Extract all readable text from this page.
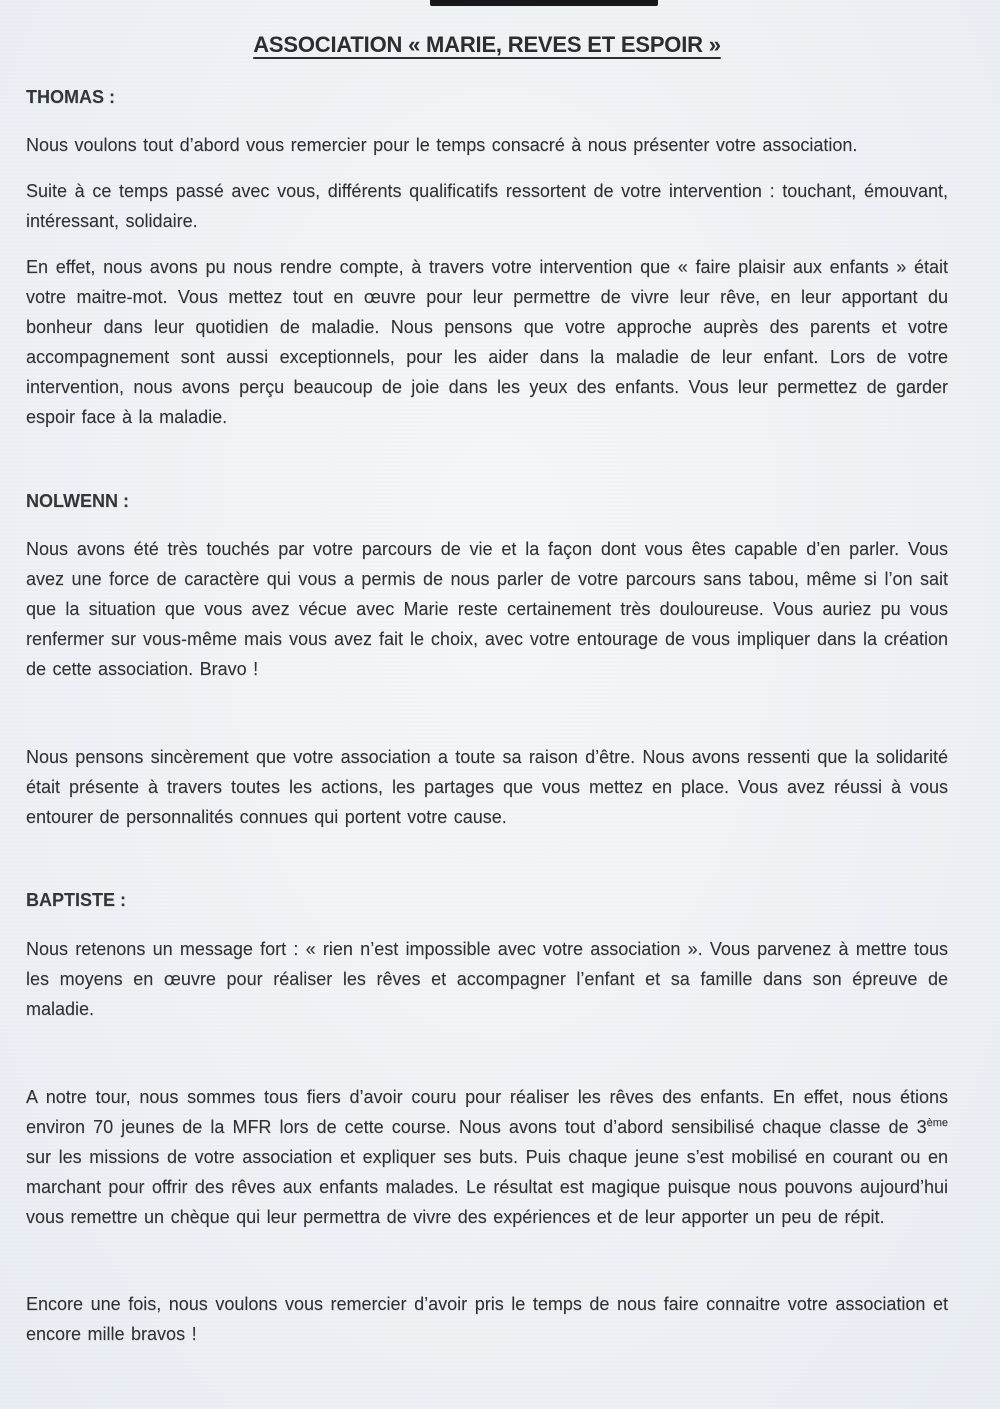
ASSOCIATION « MARIE, REVES ET ESPOIR »
THOMAS :

Nous voulons tout d’abord vous remercier pour le temps consacré à nous présenter votre association.

Suite à ce temps passé avec vous, différents qualificatifs ressortent de votre intervention : touchant, émouvant, intéressant, solidaire.

En effet, nous avons pu nous rendre compte, à travers votre intervention que « faire plaisir aux enfants » était votre maitre-mot. Vous mettez tout en œuvre pour leur permettre de vivre leur rêve, en leur apportant du bonheur dans leur quotidien de maladie. Nous pensons que votre approche auprès des parents et votre accompagnement sont aussi exceptionnels, pour les aider dans la maladie de leur enfant. Lors de votre intervention, nous avons perçu beaucoup de joie dans les yeux des enfants. Vous leur permettez de garder espoir face à la maladie.

NOLWENN :

Nous avons été très touchés par votre parcours de vie et la façon dont vous êtes capable d’en parler. Vous avez une force de caractère qui vous a permis de nous parler de votre parcours sans tabou, même si l’on sait que la situation que vous avez vécue avec Marie reste certainement très douloureuse. Vous auriez pu vous renfermer sur vous-même mais vous avez fait le choix, avec votre entourage de vous impliquer dans la création de cette association. Bravo !

Nous pensons sincèrement que votre association a toute sa raison d’être. Nous avons ressenti que la solidarité était présente à travers toutes les actions, les partages que vous mettez en place. Vous avez réussi à vous entourer de personnalités connues qui portent votre cause.

BAPTISTE :

Nous retenons un message fort : « rien n’est impossible avec votre association ». Vous parvenez à mettre tous les moyens en œuvre pour réaliser les rêves et accompagner l’enfant et sa famille dans son épreuve de maladie.

A notre tour, nous sommes tous fiers d’avoir couru pour réaliser les rêves des enfants. En effet, nous étions environ 70 jeunes de la MFR lors de cette course. Nous avons tout d’abord sensibilisé chaque classe de 3ème sur les missions de votre association et expliquer ses buts. Puis chaque jeune s’est mobilisé en courant ou en marchant pour offrir des rêves aux enfants malades. Le résultat est magique puisque nous pouvons aujourd’hui vous remettre un chèque qui leur permettra de vivre des expériences et de leur apporter un peu de répit.

Encore une fois, nous voulons vous remercier d’avoir pris le temps de nous faire connaitre votre association et encore mille bravos !
